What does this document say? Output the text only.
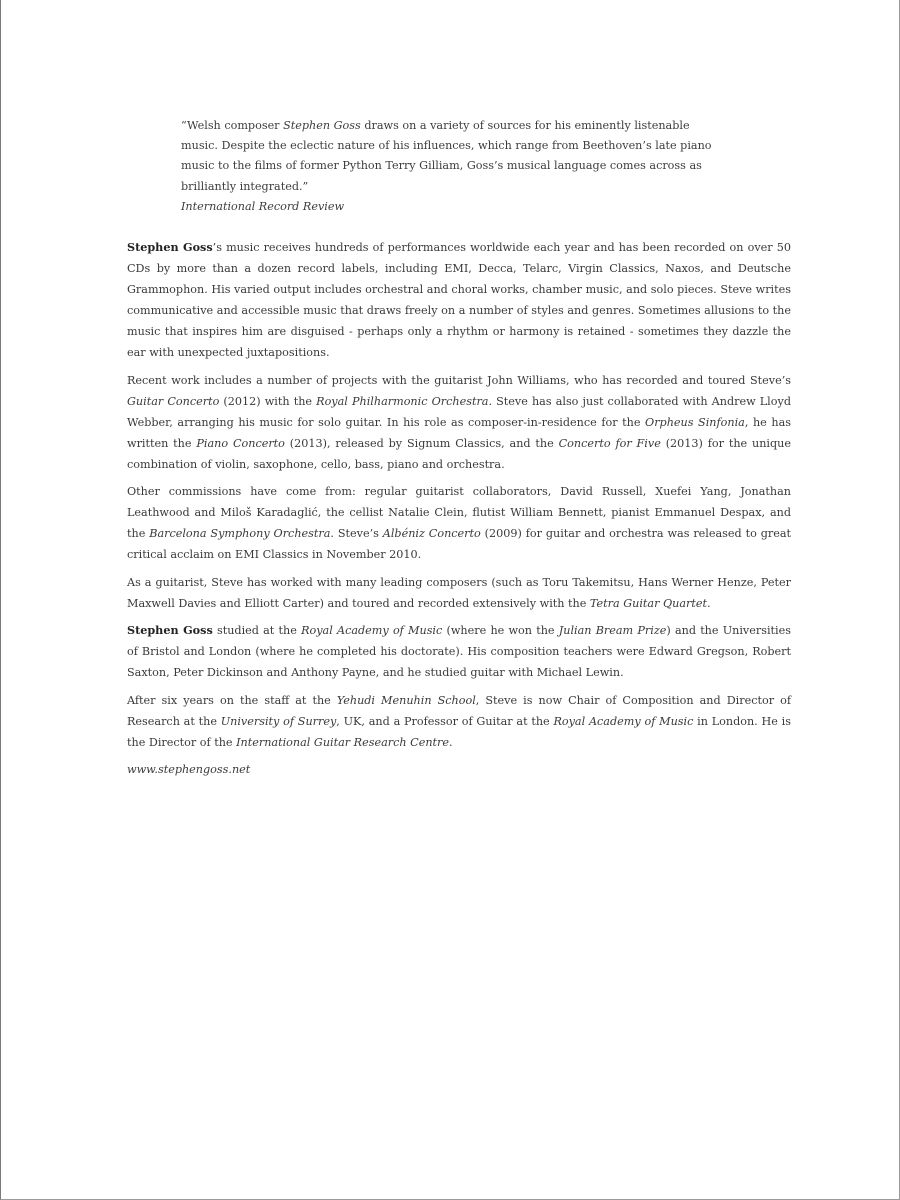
“Welsh composer Stephen Goss draws on a variety of sources for his eminently listenable music. Despite the eclectic nature of his influences, which range from Beethoven’s late piano music to the films of former Python Terry Gilliam, Goss’s musical language comes across as brilliantly integrated.”
International Record Review

Stephen Goss’s music receives hundreds of performances worldwide each year and has been recorded on over 50 CDs by more than a dozen record labels, including EMI, Decca, Telarc, Virgin Classics, Naxos, and Deutsche Grammophon. His varied output includes orchestral and choral works, chamber music, and solo pieces. Steve writes communicative and accessible music that draws freely on a number of styles and genres. Sometimes allusions to the music that inspires him are disguised - perhaps only a rhythm or harmony is retained - sometimes they dazzle the ear with unexpected juxtapositions.

Recent work includes a number of projects with the guitarist John Williams, who has recorded and toured Steve’s Guitar Concerto (2012) with the Royal Philharmonic Orchestra. Steve has also just collaborated with Andrew Lloyd Webber, arranging his music for solo guitar. In his role as composer-in-residence for the Orpheus Sinfonia, he has written the Piano Concerto (2013), released by Signum Classics, and the Concerto for Five (2013) for the unique combination of violin, saxophone, cello, bass, piano and orchestra.

Other commissions have come from: regular guitarist collaborators, David Russell, Xuefei Yang, Jonathan Leathwood and Miloš Karadaglić, the cellist Natalie Clein, flutist William Bennett, pianist Emmanuel Despax, and the Barcelona Symphony Orchestra. Steve’s Albéniz Concerto (2009) for guitar and orchestra was released to great critical acclaim on EMI Classics in November 2010.

As a guitarist, Steve has worked with many leading composers (such as Toru Takemitsu, Hans Werner Henze, Peter Maxwell Davies and Elliott Carter) and toured and recorded extensively with the Tetra Guitar Quartet.

Stephen Goss studied at the Royal Academy of Music (where he won the Julian Bream Prize) and the Universities of Bristol and London (where he completed his doctorate). His composition teachers were Edward Gregson, Robert Saxton, Peter Dickinson and Anthony Payne, and he studied guitar with Michael Lewin.

After six years on the staff at the Yehudi Menuhin School, Steve is now Chair of Composition and Director of Research at the University of Surrey, UK, and a Professor of Guitar at the Royal Academy of Music in London. He is the Director of the International Guitar Research Centre.

www.stephengoss.net
